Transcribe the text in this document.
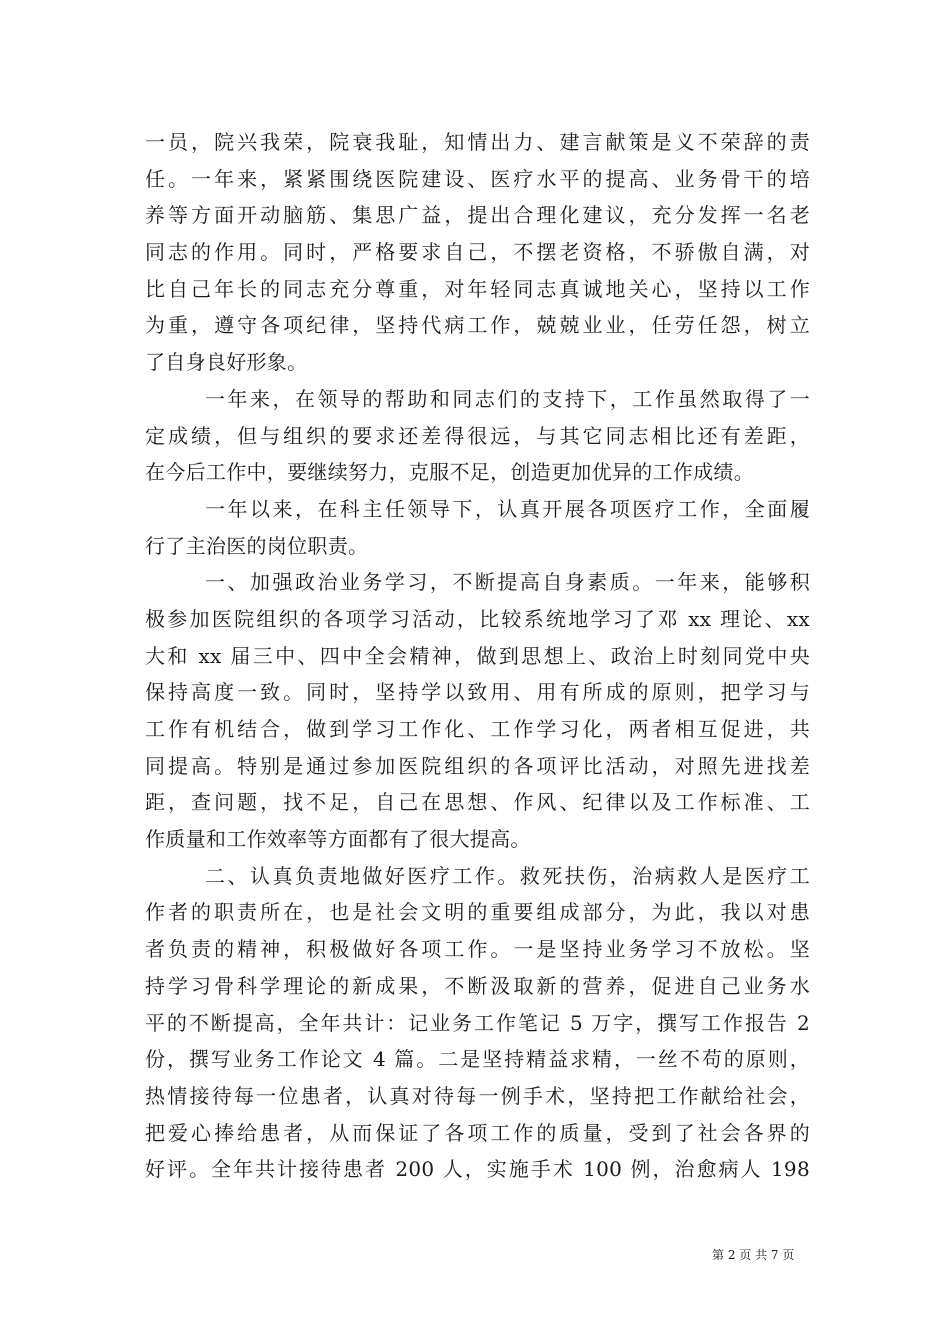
一员，院兴我荣，院衰我耻，知情出力、建言献策是义不荣辞的责
任。一年来，紧紧围绕医院建设、医疗水平的提高、业务骨干的培
养等方面开动脑筋、集思广益，提出合理化建议，充分发挥一名老
同志的作用。同时，严格要求自己，不摆老资格，不骄傲自满，对
比自己年长的同志充分尊重，对年轻同志真诚地关心，坚持以工作
为重，遵守各项纪律，坚持代病工作，兢兢业业，任劳任怨，树立
了自身良好形象。
一年来，在领导的帮助和同志们的支持下，工作虽然取得了一
定成绩，但与组织的要求还差得很远，与其它同志相比还有差距，
在今后工作中，要继续努力，克服不足，创造更加优异的工作成绩。
一年以来，在科主任领导下，认真开展各项医疗工作，全面履
行了主治医的岗位职责。
一、加强政治业务学习，不断提高自身素质。一年来，能够积
极参加医院组织的各项学习活动，比较系统地学习了邓 xx 理论、xx
大和 xx 届三中、四中全会精神，做到思想上、政治上时刻同党中央
保持高度一致。同时，坚持学以致用、用有所成的原则，把学习与
工作有机结合，做到学习工作化、工作学习化，两者相互促进，共
同提高。特别是通过参加医院组织的各项评比活动，对照先进找差
距，查问题，找不足，自己在思想、作风、纪律以及工作标准、工
作质量和工作效率等方面都有了很大提高。
二、认真负责地做好医疗工作。救死扶伤，治病救人是医疗工
作者的职责所在，也是社会文明的重要组成部分，为此，我以对患
者负责的精神，积极做好各项工作。一是坚持业务学习不放松。坚
持学习骨科学理论的新成果，不断汲取新的营养，促进自己业务水
平的不断提高，全年共计：记业务工作笔记 5 万字，撰写工作报告 2
份，撰写业务工作论文 4 篇。二是坚持精益求精，一丝不苟的原则，
热情接待每一位患者，认真对待每一例手术，坚持把工作献给社会，
把爱心捧给患者，从而保证了各项工作的质量，受到了社会各界的
好评。全年共计接待患者 200 人，实施手术 100 例，治愈病人 198
第 2 页 共 7 页
